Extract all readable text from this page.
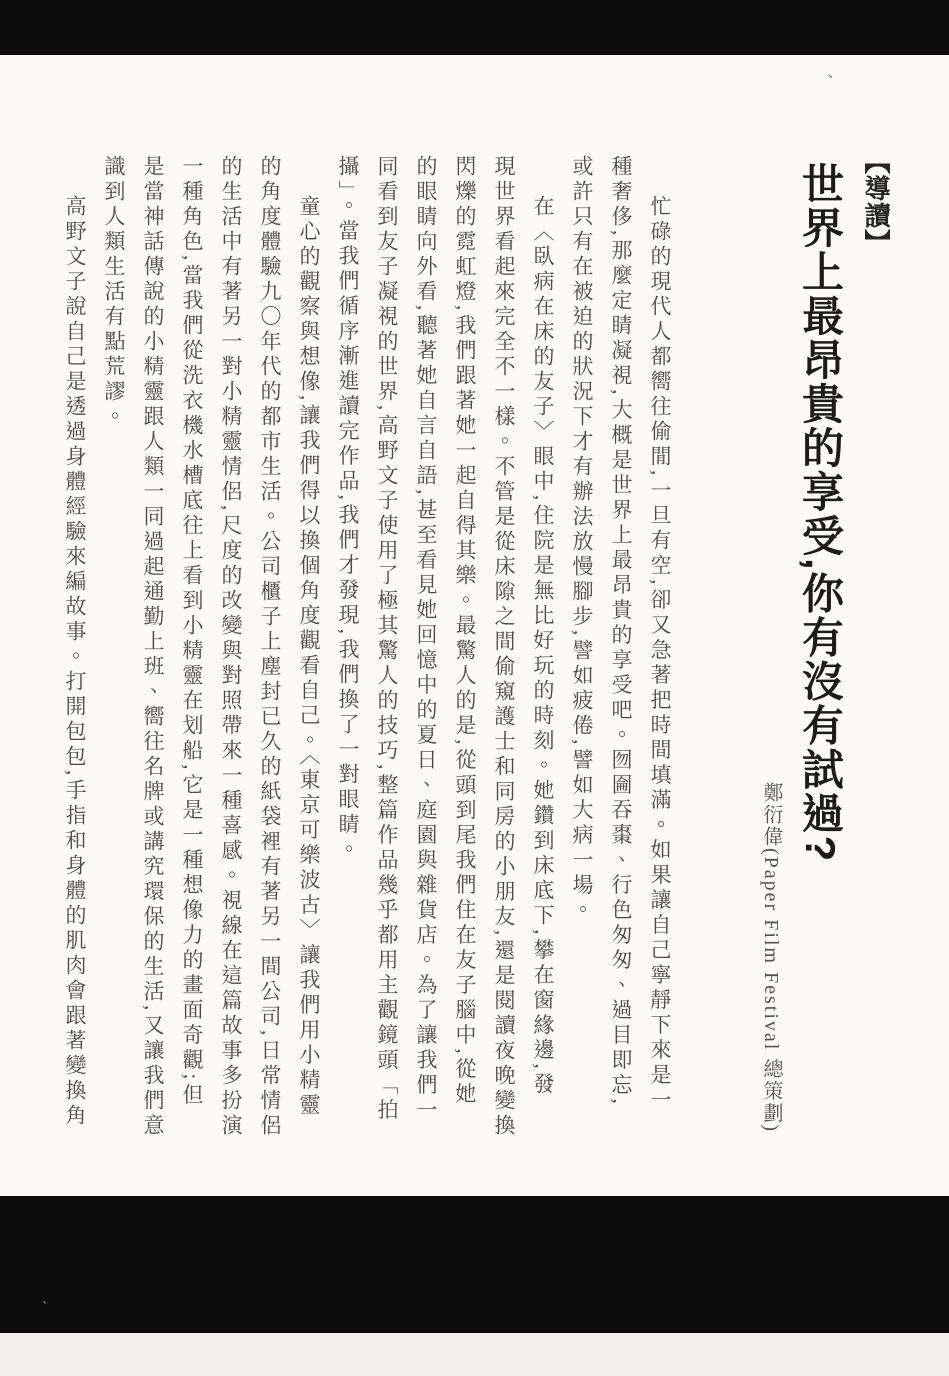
、
【導讀】
世界上最昂貴的享受,你有沒有試過?
鄭衍偉(Paper Film Festival 總策劃)
忙碌的現代人都嚮往偷閒,一旦有空,卻又急著把時間填滿。如果讓自己寧靜下來是一
種奢侈,那麼定睛凝視,大概是世界上最昂貴的享受吧。囫圇吞棗、行色匆匆、過目即忘,
或許只有在被迫的狀況下才有辦法放慢腳步,譬如疲倦,譬如大病一場。
在〈臥病在床的友子〉眼中,住院是無比好玩的時刻。她鑽到床底下,攀在窗緣邊,發
現世界看起來完全不一樣。不管是從床隙之間偷窺護士和同房的小朋友,還是閱讀夜晚變換
閃爍的霓虹燈,我們跟著她一起自得其樂。最驚人的是,從頭到尾我們住在友子腦中,從她
的眼睛向外看,聽著她自言自語,甚至看見她回憶中的夏日、庭園與雜貨店。為了讓我們一
同看到友子凝視的世界,高野文子使用了極其驚人的技巧,整篇作品幾乎都用主觀鏡頭「拍
攝」。當我們循序漸進讀完作品,我們才發現,我們換了一對眼睛。
童心的觀察與想像,讓我們得以換個角度觀看自己。〈東京可樂波古〉讓我們用小精靈
的角度體驗九〇年代的都市生活。公司櫃子上塵封已久的紙袋裡有著另一間公司,日常情侶
的生活中有著另一對小精靈情侶,尺度的改變與對照帶來一種喜感。視線在這篇故事多扮演
一種角色,當我們從洗衣機水槽底往上看到小精靈在划船,它是一種想像力的畫面奇觀;但
是當神話傳說的小精靈跟人類一同過起通勤上班、嚮往名牌或講究環保的生活,又讓我們意
識到人類生活有點荒謬。
高野文子說自己是透過身體經驗來編故事。打開包包,手指和身體的肌肉會跟著變換角
、
